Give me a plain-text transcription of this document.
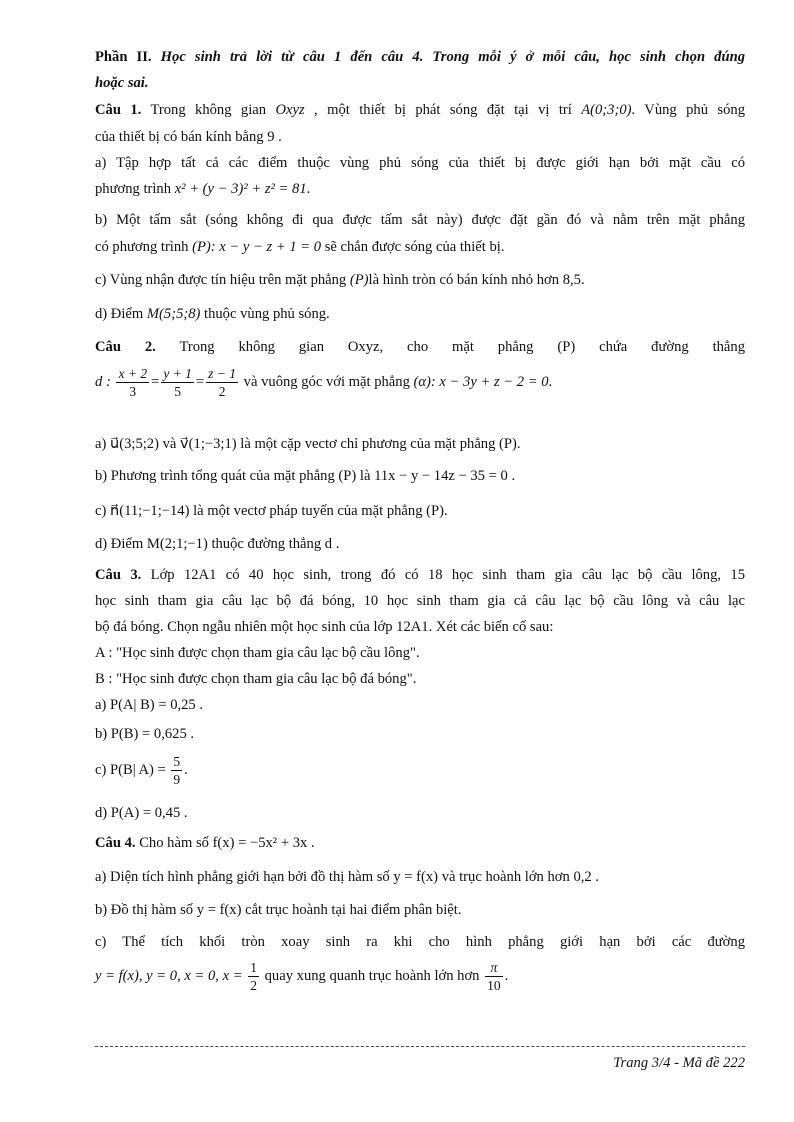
Phần II. Học sinh trả lời từ câu 1 đến câu 4. Trong mỗi ý ở mỗi câu, học sinh chọn đúng
hoặc sai.
Câu 1. Trong không gian Oxyz , một thiết bị phát sóng đặt tại vị trí A(0;3;0). Vùng phủ sóng
của thiết bị có bán kính bằng 9 .
a) Tập hợp tất cả các điểm thuộc vùng phủ sóng của thiết bị được giới hạn bởi mặt cầu có
phương trình x² + (y − 3)² + z² = 81.
b) Một tấm sắt (sóng không đi qua được tấm sắt này) được đặt gần đó và nằm trên mặt phẳng
có phương trình (P): x − y − z + 1 = 0 sẽ chắn được sóng của thiết bị.
c) Vùng nhận được tín hiệu trên mặt phẳng (P)là hình tròn có bán kính nhỏ hơn 8,5.
d) Điểm M(5;5;8) thuộc vùng phủ sóng.
Câu 2. Trong không gian Oxyz, cho mặt phẳng (P) chứa đường thẳng
d : $\frac{x + 2}{3} = \frac{y + 1}{5} = \frac{z - 1}{2}$ và vuông góc với mặt phẳng (α): x − 3y + z − 2 = 0.
a) u⃗(3;5;2) và v⃗(1;−3;1) là một cặp vectơ chỉ phương của mặt phẳng (P).
b) Phương trình tổng quát của mặt phẳng (P) là 11x − y − 14z − 35 = 0 .
c) n⃗(11;−1;−14) là một vectơ pháp tuyến của mặt phẳng (P).
d) Điểm M(2;1;−1) thuộc đường thẳng d .
Câu 3. Lớp 12A1 có 40 học sinh, trong đó có 18 học sinh tham gia câu lạc bộ cầu lông, 15
học sinh tham gia câu lạc bộ đá bóng, 10 học sinh tham gia cả câu lạc bộ cầu lông và câu lạc
bộ đá bóng. Chọn ngẫu nhiên một học sinh của lớp 12A1. Xét các biến cố sau:
A : "Học sinh được chọn tham gia câu lạc bộ cầu lông".
B : "Học sinh được chọn tham gia câu lạc bộ đá bóng".
a) P(A| B) = 0,25 .
b) P(B) = 0,625 .
c) P(B| $A) = \frac{5}{9}$ .
d) P(A) = 0,45 .
Câu 4. Cho hàm số f(x) = −5x² + 3x .
a) Diện tích hình phẳng giới hạn bởi đồ thị hàm số y = f(x) và trục hoành lớn hơn 0,2 .
b) Đồ thị hàm số y = f(x) cắt trục hoành tại hai điểm phân biệt.
c) Thể tích khối tròn xoay sinh ra khi cho hình phẳng giới hạn bởi các đường
y = f(x), y = 0, x = 0, $x = \frac{1}{2}$ quay xung quanh trục hoành lớn hơn $\frac{\pi}{10}$ .
Trang 3/4 - Mã đề 222
